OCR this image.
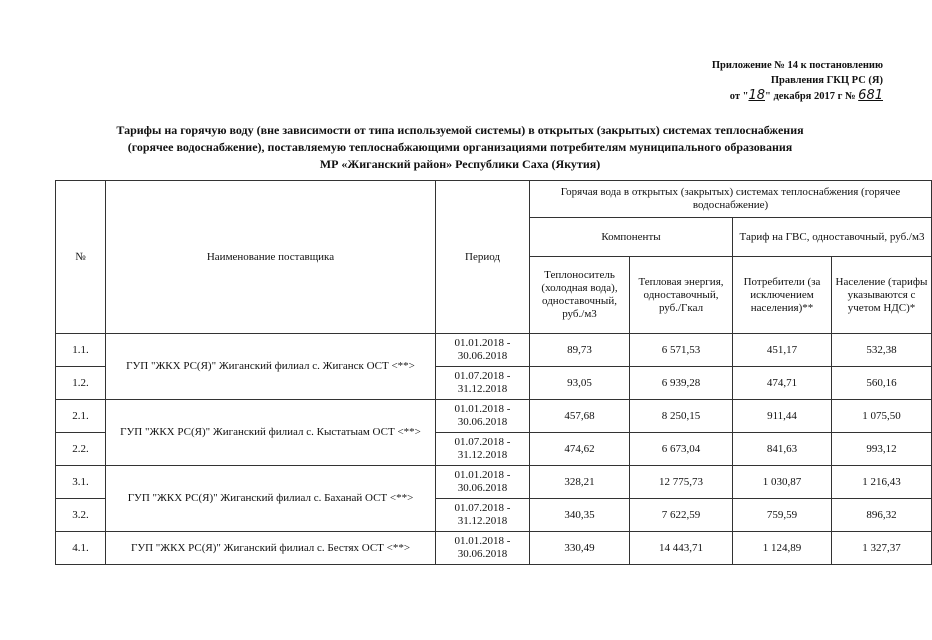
Приложение № 14 к постановлению
Правления ГКЦ РС (Я)
от "18" декабря 2017 г № 681
Тарифы на горячую воду (вне зависимости от типа используемой системы) в открытых (закрытых) системах теплоснабжения
(горячее водоснабжение), поставляемую теплоснабжающими организациями потребителям муниципального образования
МР «Жиганский район» Республики Саха (Якутия)
№	Наименование поставщика	Период	Горячая вода в открытых (закрытых) системах теплоснабжения (горячее водоснабжение)			
			Компоненты		Тариф на ГВС, одноставочный, руб./м3	
			Теплоноситель (холодная вода), одноставочный, руб./м3	Тепловая энергия, одноставочный, руб./Гкал	Потребители (за исключением населения)**	Население (тарифы указываются с учетом НДС)*
1.1.	ГУП "ЖКХ РС(Я)" Жиганский филиал с. Жиганск ОСТ <**>	01.01.2018 - 30.06.2018	89,73	6 571,53	451,17	532,38
1.2.		01.07.2018 - 31.12.2018	93,05	6 939,28	474,71	560,16
2.1.	ГУП "ЖКХ РС(Я)" Жиганский филиал с. Кыстатыам ОСТ <**>	01.01.2018 - 30.06.2018	457,68	8 250,15	911,44	1 075,50
2.2.		01.07.2018 - 31.12.2018	474,62	6 673,04	841,63	993,12
3.1.	ГУП "ЖКХ РС(Я)" Жиганский филиал с. Баханай ОСТ <**>	01.01.2018 - 30.06.2018	328,21	12 775,73	1 030,87	1 216,43
3.2.		01.07.2018 - 31.12.2018	340,35	7 622,59	759,59	896,32
4.1.	ГУП "ЖКХ РС(Я)" Жиганский филиал с. Бестях ОСТ <**>	01.01.2018 - 30.06.2018	330,49	14 443,71	1 124,89	1 327,37
